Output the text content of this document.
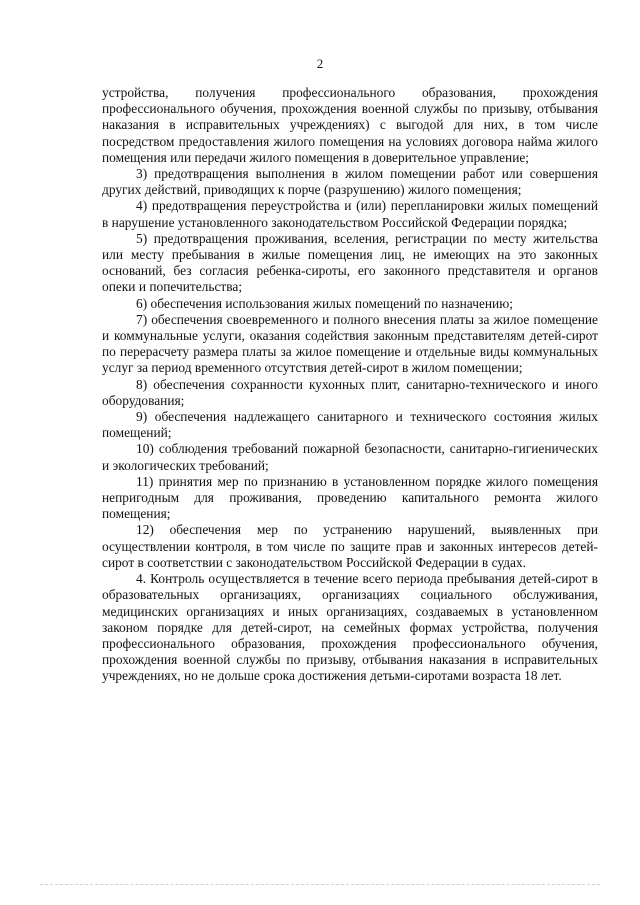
2

устройства, получения профессионального образования, прохождения профессионального обучения, прохождения военной службы по призыву, отбывания наказания в исправительных учреждениях) с выгодой для них, в том числе посредством предоставления жилого помещения на условиях договора найма жилого помещения или передачи жилого помещения в доверительное управление;

3) предотвращения выполнения в жилом помещении работ или совершения других действий, приводящих к порче (разрушению) жилого помещения;

4) предотвращения переустройства и (или) перепланировки жилых помещений в нарушение установленного законодательством Российской Федерации порядка;

5) предотвращения проживания, вселения, регистрации по месту жительства или месту пребывания в жилые помещения лиц, не имеющих на это законных оснований, без согласия ребенка-сироты, его законного представителя и органов опеки и попечительства;

6) обеспечения использования жилых помещений по назначению;

7) обеспечения своевременного и полного внесения платы за жилое помещение и коммунальные услуги, оказания содействия законным представителям детей-сирот по перерасчету размера платы за жилое помещение и отдельные виды коммунальных услуг за период временного отсутствия детей-сирот в жилом помещении;

8) обеспечения сохранности кухонных плит, санитарно-технического и иного оборудования;

9) обеспечения надлежащего санитарного и технического состояния жилых помещений;

10) соблюдения требований пожарной безопасности, санитарно-гигиенических и экологических требований;

11) принятия мер по признанию в установленном порядке жилого помещения непригодным для проживания, проведению капитального ремонта жилого помещения;

12) обеспечения мер по устранению нарушений, выявленных при осуществлении контроля, в том числе по защите прав и законных интересов детей-сирот в соответствии с законодательством Российской Федерации в судах.

4. Контроль осуществляется в течение всего периода пребывания детей-сирот в образовательных организациях, организациях социального обслуживания, медицинских организациях и иных организациях, создаваемых в установленном законом порядке для детей-сирот, на семейных формах устройства, получения профессионального образования, прохождения профессионального обучения, прохождения военной службы по призыву, отбывания наказания в исправительных учреждениях, но не дольше срока достижения детьми-сиротами возраста 18 лет.
